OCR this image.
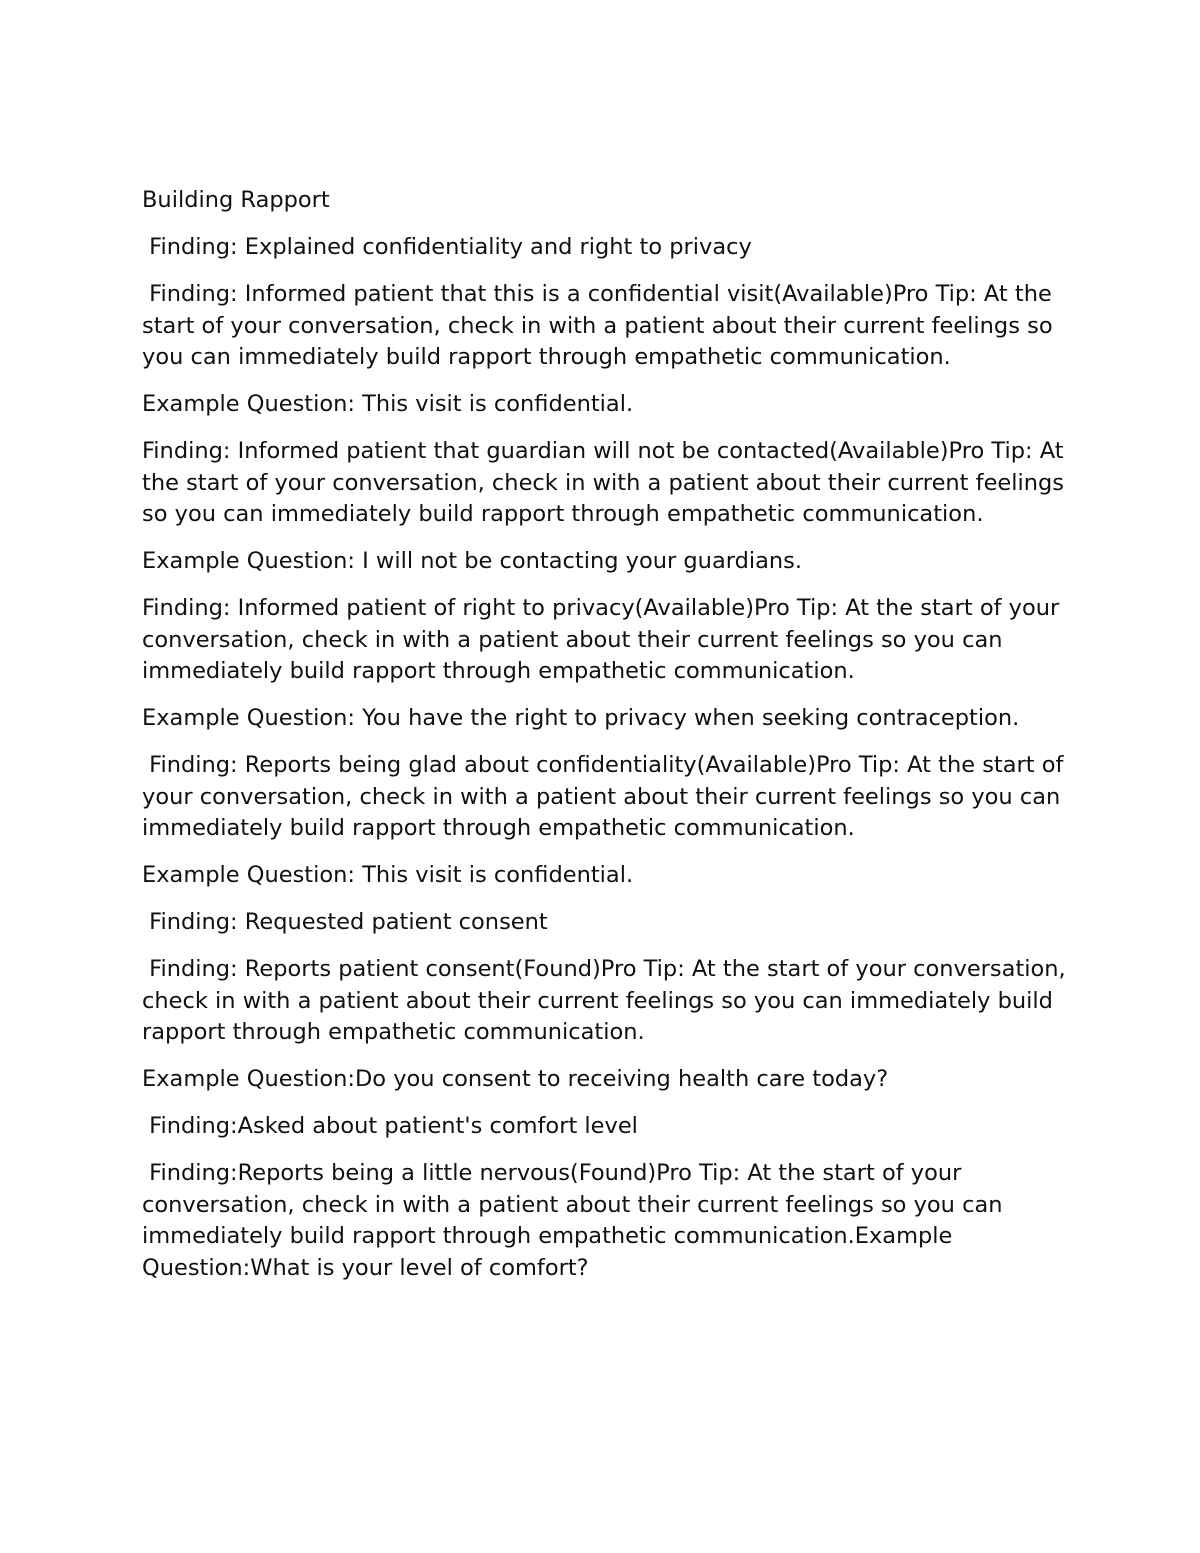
Building Rapport

Finding: Explained confidentiality and right to privacy

Finding: Informed patient that this is a confidential visit(Available)Pro Tip: At the start of your conversation, check in with a patient about their current feelings so you can immediately build rapport through empathetic communication.

Example Question: This visit is confidential.

Finding: Informed patient that guardian will not be contacted(Available)Pro Tip: At the start of your conversation, check in with a patient about their current feelings so you can immediately build rapport through empathetic communication.

Example Question: I will not be contacting your guardians.

Finding: Informed patient of right to privacy(Available)Pro Tip: At the start of your conversation, check in with a patient about their current feelings so you can immediately build rapport through empathetic communication.

Example Question: You have the right to privacy when seeking contraception.

Finding: Reports being glad about confidentiality(Available)Pro Tip: At the start of your conversation, check in with a patient about their current feelings so you can immediately build rapport through empathetic communication.

Example Question: This visit is confidential.

Finding: Requested patient consent

Finding: Reports patient consent(Found)Pro Tip: At the start of your conversation, check in with a patient about their current feelings so you can immediately build rapport through empathetic communication.

Example Question:Do you consent to receiving health care today?

Finding:Asked about patient's comfort level

Finding:Reports being a little nervous(Found)Pro Tip: At the start of your conversation, check in with a patient about their current feelings so you can immediately build rapport through empathetic communication.Example Question:What is your level of comfort?
